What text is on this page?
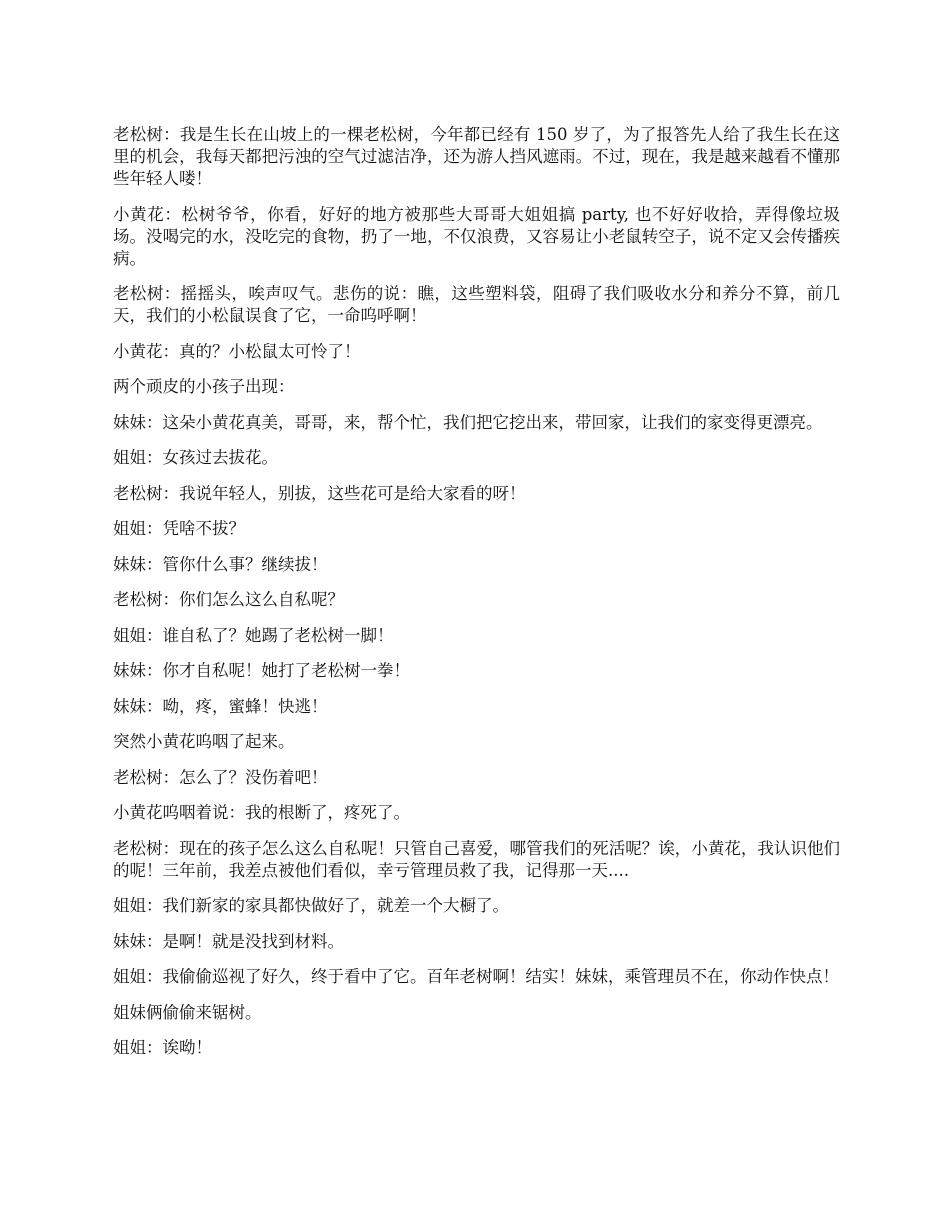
老松树：我是生长在山坡上的一棵老松树，今年都已经有 150 岁了，为了报答先人给了我生长在这里的机会，我每天都把污浊的空气过滤洁净，还为游人挡风遮雨。不过，现在，我是越来越看不懂那些年轻人喽！

小黄花：松树爷爷，你看，好好的地方被那些大哥哥大姐姐搞 party, 也不好好收拾，弄得像垃圾场。没喝完的水，没吃完的食物，扔了一地，不仅浪费，又容易让小老鼠转空子，说不定又会传播疾病。

老松树：摇摇头，唉声叹气。悲伤的说：瞧，这些塑料袋，阻碍了我们吸收水分和养分不算，前几天，我们的小松鼠误食了它，一命呜呼啊！

小黄花：真的？小松鼠太可怜了！

两个顽皮的小孩子出现：

妹妹：这朵小黄花真美，哥哥，来，帮个忙，我们把它挖出来，带回家，让我们的家变得更漂亮。

姐姐：女孩过去拔花。

老松树：我说年轻人，别拔，这些花可是给大家看的呀！

姐姐：凭啥不拔？

妹妹：管你什么事？继续拔！

老松树：你们怎么这么自私呢？

姐姐：谁自私了？她踢了老松树一脚！

妹妹：你才自私呢！她打了老松树一拳！

妹妹：呦，疼，蜜蜂！快逃！

突然小黄花呜咽了起来。

老松树：怎么了？没伤着吧！

小黄花呜咽着说：我的根断了，疼死了。

老松树：现在的孩子怎么这么自私呢！只管自己喜爱，哪管我们的死活呢？诶，小黄花，我认识他们的呢！三年前，我差点被他们看似，幸亏管理员救了我，记得那一天....

姐姐：我们新家的家具都快做好了，就差一个大橱了。

妹妹：是啊！就是没找到材料。

姐姐：我偷偷巡视了好久，终于看中了它。百年老树啊！结实！妹妹，乘管理员不在，你动作快点！

姐妹俩偷偷来锯树。

姐姐：诶呦！
